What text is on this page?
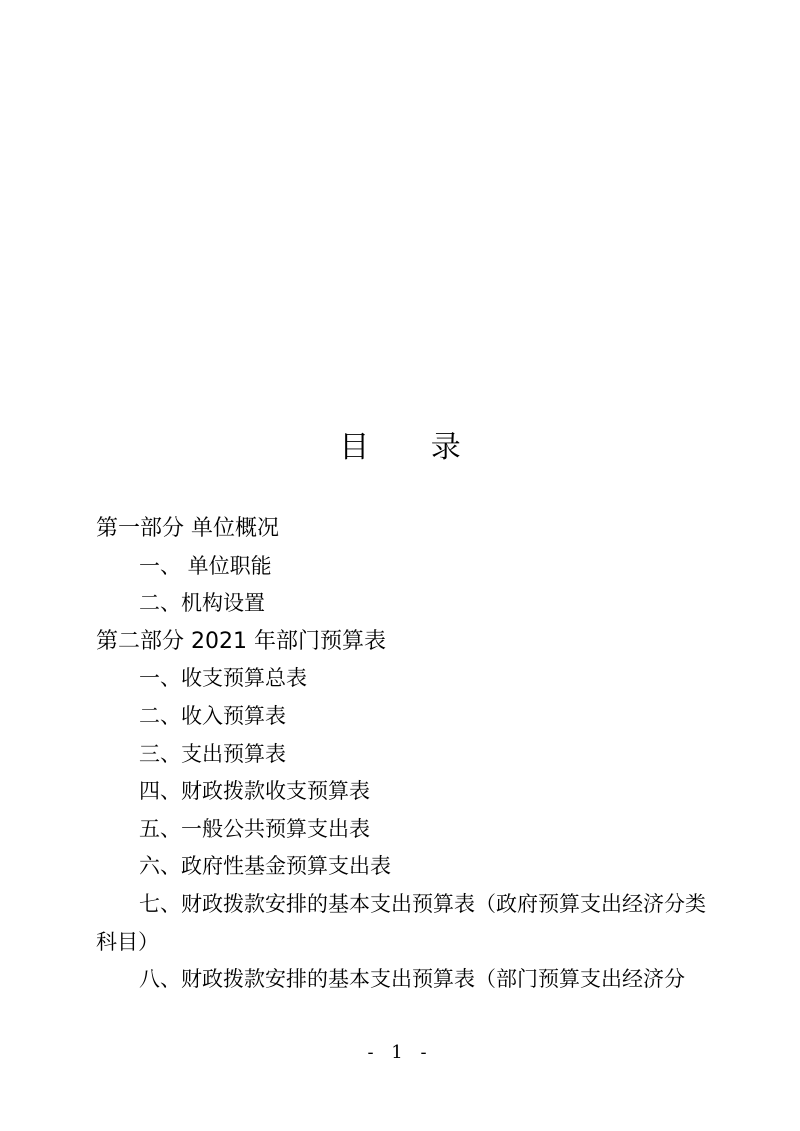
目 录
第一部分 单位概况
一、 单位职能
二、机构设置
第二部分 2021 年部门预算表
一、收支预算总表
二、收入预算表
三、支出预算表
四、财政拨款收支预算表
五、一般公共预算支出表
六、政府性基金预算支出表
七、财政拨款安排的基本支出预算表（政府预算支出经济分类科目）
八、财政拨款安排的基本支出预算表（部门预算支出经济分
- 1 -
